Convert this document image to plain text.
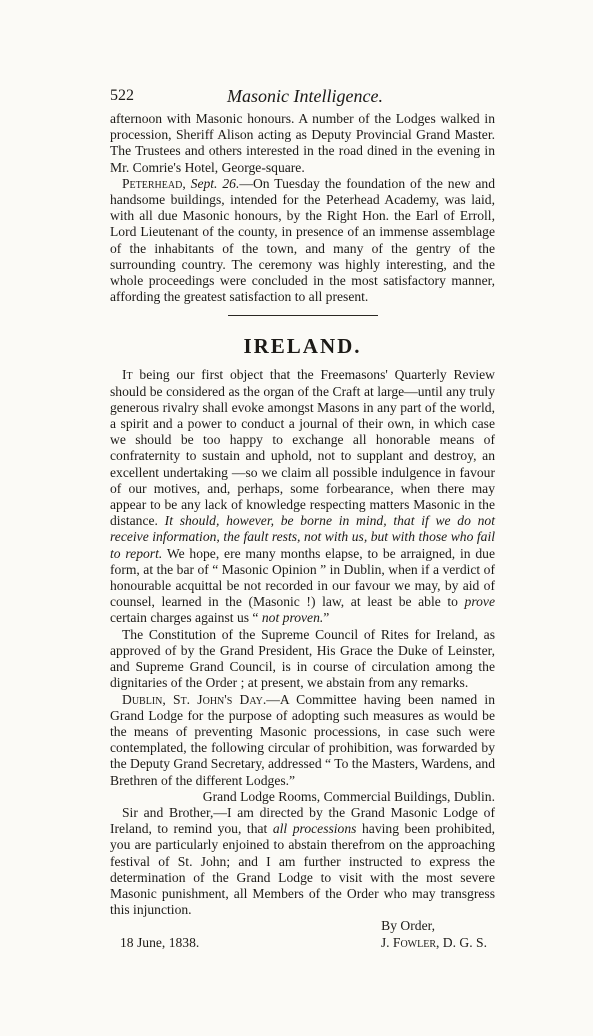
522	Masonic Intelligence.

afternoon with Masonic honours. A number of the Lodges walked in procession, Sheriff Alison acting as Deputy Provincial Grand Master. The Trustees and others interested in the road dined in the evening in Mr. Comrie's Hotel, George-square.

Peterhead, Sept. 26.—On Tuesday the foundation of the new and handsome buildings, intended for the Peterhead Academy, was laid, with all due Masonic honours, by the Right Hon. the Earl of Erroll, Lord Lieutenant of the county, in presence of an immense assemblage of the inhabitants of the town, and many of the gentry of the surrounding country. The ceremony was highly interesting, and the whole proceedings were concluded in the most satisfactory manner, affording the greatest satisfaction to all present.

IRELAND.

It being our first object that the Freemasons' Quarterly Review should be considered as the organ of the Craft at large—until any truly generous rivalry shall evoke amongst Masons in any part of the world, a spirit and a power to conduct a journal of their own, in which case we should be too happy to exchange all honorable means of confraternity to sustain and uphold, not to supplant and destroy, an excellent undertaking —so we claim all possible indulgence in favour of our motives, and, perhaps, some forbearance, when there may appear to be any lack of knowledge respecting matters Masonic in the distance. It should, however, be borne in mind, that if we do not receive information, the fault rests, not with us, but with those who fail to report. We hope, ere many months elapse, to be arraigned, in due form, at the bar of “ Masonic Opinion ” in Dublin, when if a verdict of honourable acquittal be not recorded in our favour we may, by aid of counsel, learned in the (Masonic !) law, at least be able to prove certain charges against us “ not proven.”

The Constitution of the Supreme Council of Rites for Ireland, as approved of by the Grand President, His Grace the Duke of Leinster, and Supreme Grand Council, is in course of circulation among the dignitaries of the Order ; at present, we abstain from any remarks.

Dublin, St. John's Day.—A Committee having been named in Grand Lodge for the purpose of adopting such measures as would be the means of preventing Masonic processions, in case such were contemplated, the following circular of prohibition, was forwarded by the Deputy Grand Secretary, addressed “ To the Masters, Wardens, and Brethren of the different Lodges.”

Grand Lodge Rooms, Commercial Buildings, Dublin.

Sir and Brother,—I am directed by the Grand Masonic Lodge of Ireland, to remind you, that all processions having been prohibited, you are particularly enjoined to abstain therefrom on the approaching festival of St. John; and I am further instructed to express the determination of the Grand Lodge to visit with the most severe Masonic punishment, all Members of the Order who may transgress this injunction.

By Order,

18 June, 1838.	J. Fowler, D. G. S.
